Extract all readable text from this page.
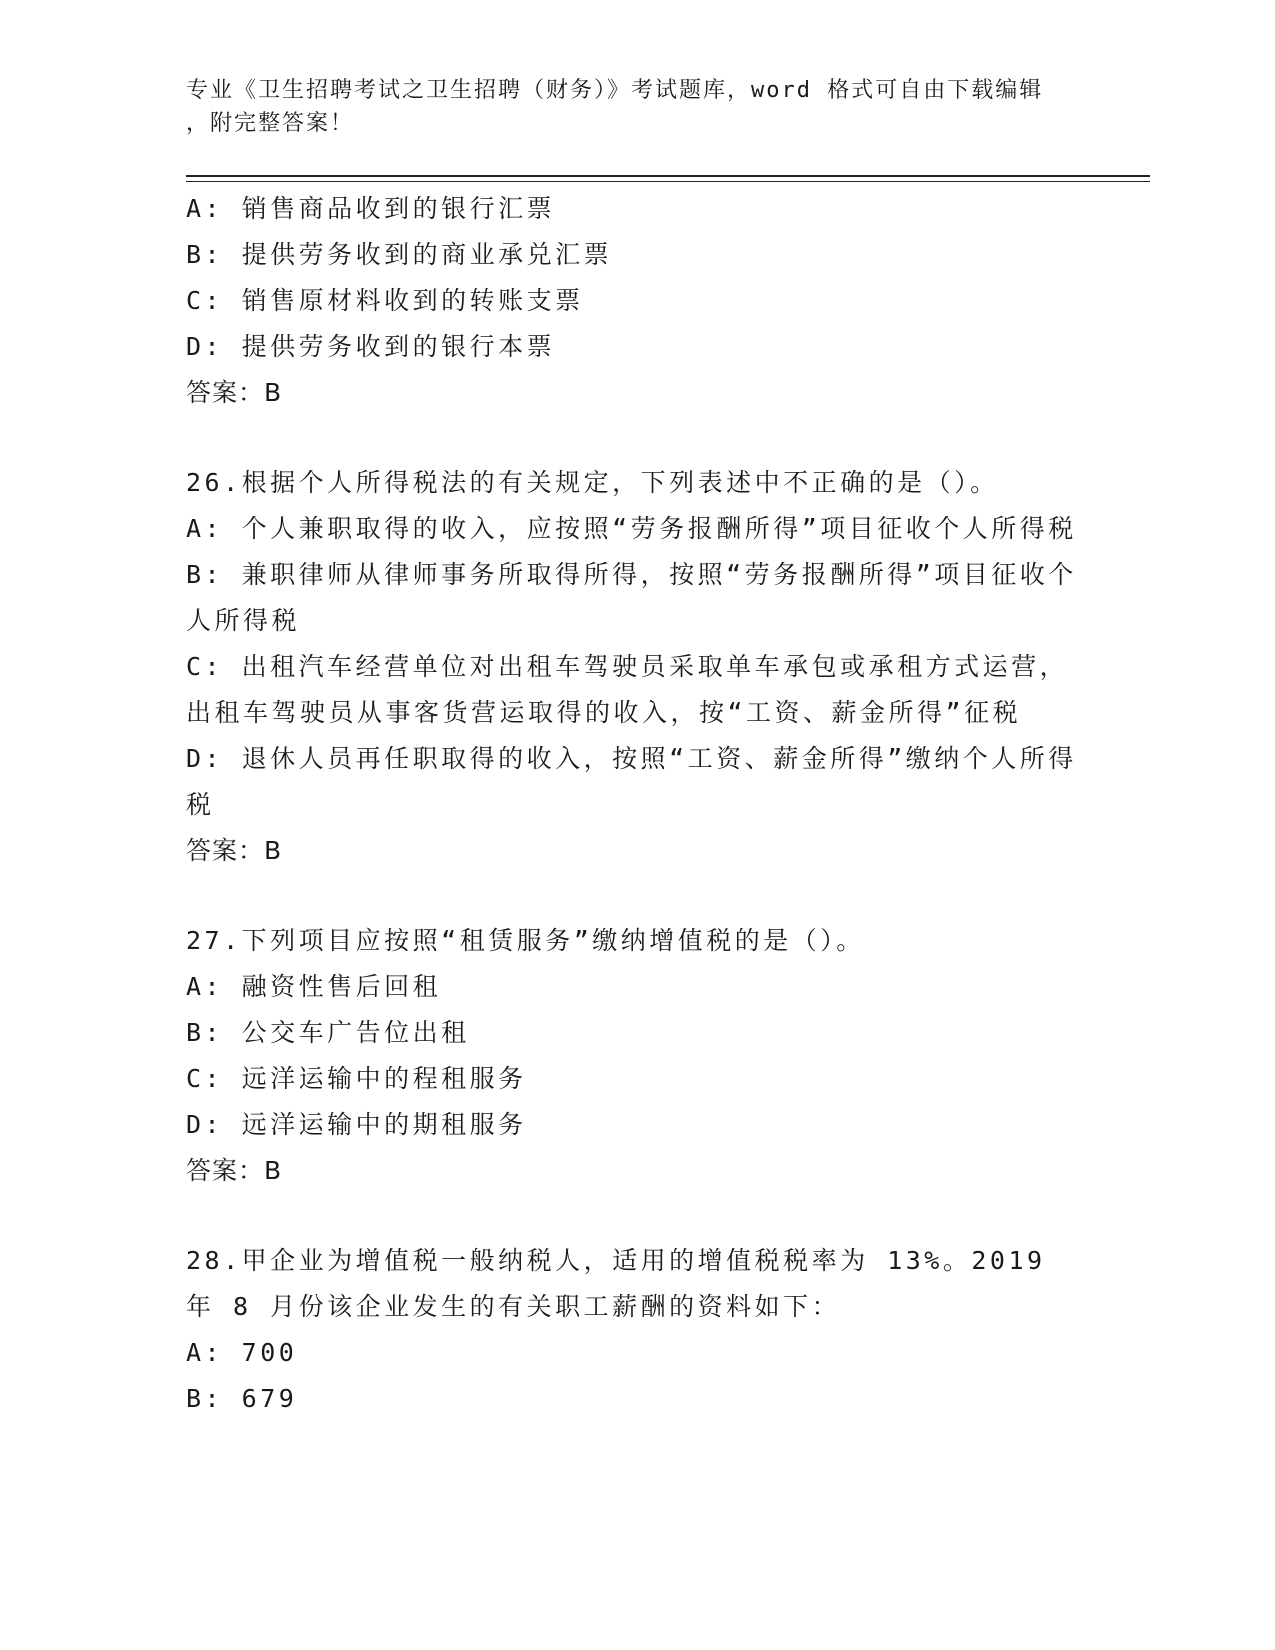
专业《卫生招聘考试之卫生招聘（财务）》考试题库，word 格式可自由下载编辑
，附完整答案！
A: 销售商品收到的银行汇票
B: 提供劳务收到的商业承兑汇票
C: 销售原材料收到的转账支票
D: 提供劳务收到的银行本票
答案：B
26.根据个人所得税法的有关规定，下列表述中不正确的是（）。
A: 个人兼职取得的收入，应按照“劳务报酬所得”项目征收个人所得税
B: 兼职律师从律师事务所取得所得，按照“劳务报酬所得”项目征收个人所得税
C: 出租汽车经营单位对出租车驾驶员采取单车承包或承租方式运营，出租车驾驶员从事客货营运取得的收入，按“工资、薪金所得”征税
D: 退休人员再任职取得的收入，按照“工资、薪金所得”缴纳个人所得税
答案：B
27.下列项目应按照“租赁服务”缴纳增值税的是（）。
A: 融资性售后回租
B: 公交车广告位出租
C: 远洋运输中的程租服务
D: 远洋运输中的期租服务
答案：B
28.甲企业为增值税一般纳税人，适用的增值税税率为 13%。2019 年 8 月份该企业发生的有关职工薪酬的资料如下：
A: 700
B: 679
